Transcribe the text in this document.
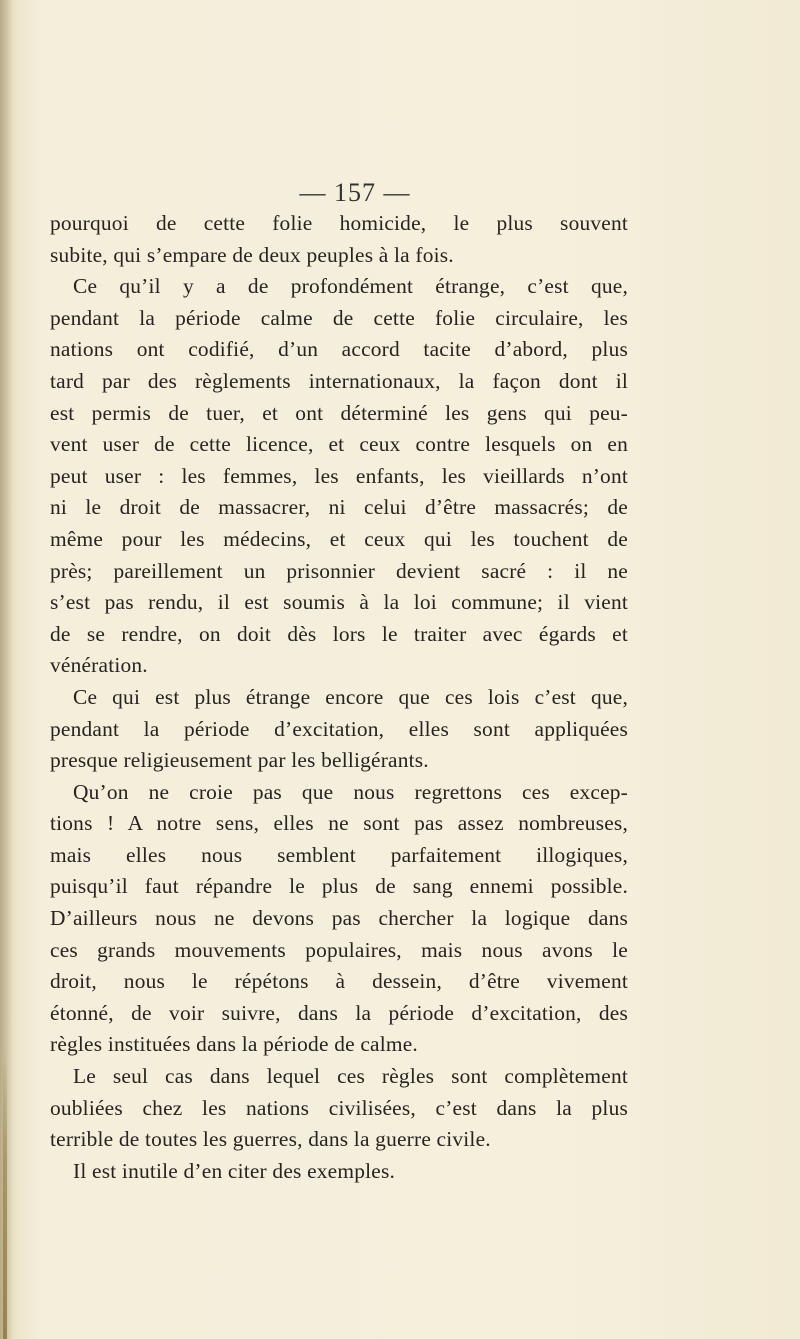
— 157 —
pourquoi de cette folie homicide, le plus souvent
subite, qui s’empare de deux peuples à la fois.
Ce qu’il y a de profondément étrange, c’est que,
pendant la période calme de cette folie circulaire, les
nations ont codifié, d’un accord tacite d’abord, plus
tard par des règlements internationaux, la façon dont il
est permis de tuer, et ont déterminé les gens qui peu-
vent user de cette licence, et ceux contre lesquels on en
peut user : les femmes, les enfants, les vieillards n’ont
ni le droit de massacrer, ni celui d’être massacrés; de
même pour les médecins, et ceux qui les touchent de
près; pareillement un prisonnier devient sacré : il ne
s’est pas rendu, il est soumis à la loi commune; il vient
de se rendre, on doit dès lors le traiter avec égards et
vénération.
Ce qui est plus étrange encore que ces lois c’est que,
pendant la période d’excitation, elles sont appliquées
presque religieusement par les belligérants.
Qu’on ne croie pas que nous regrettons ces excep-
tions ! A notre sens, elles ne sont pas assez nombreuses,
mais elles nous semblent parfaitement illogiques,
puisqu’il faut répandre le plus de sang ennemi possible.
D’ailleurs nous ne devons pas chercher la logique dans
ces grands mouvements populaires, mais nous avons le
droit, nous le répétons à dessein, d’être vivement
étonné, de voir suivre, dans la période d’excitation, des
règles instituées dans la période de calme.
Le seul cas dans lequel ces règles sont complètement
oubliées chez les nations civilisées, c’est dans la plus
terrible de toutes les guerres, dans la guerre civile.
Il est inutile d’en citer des exemples.
